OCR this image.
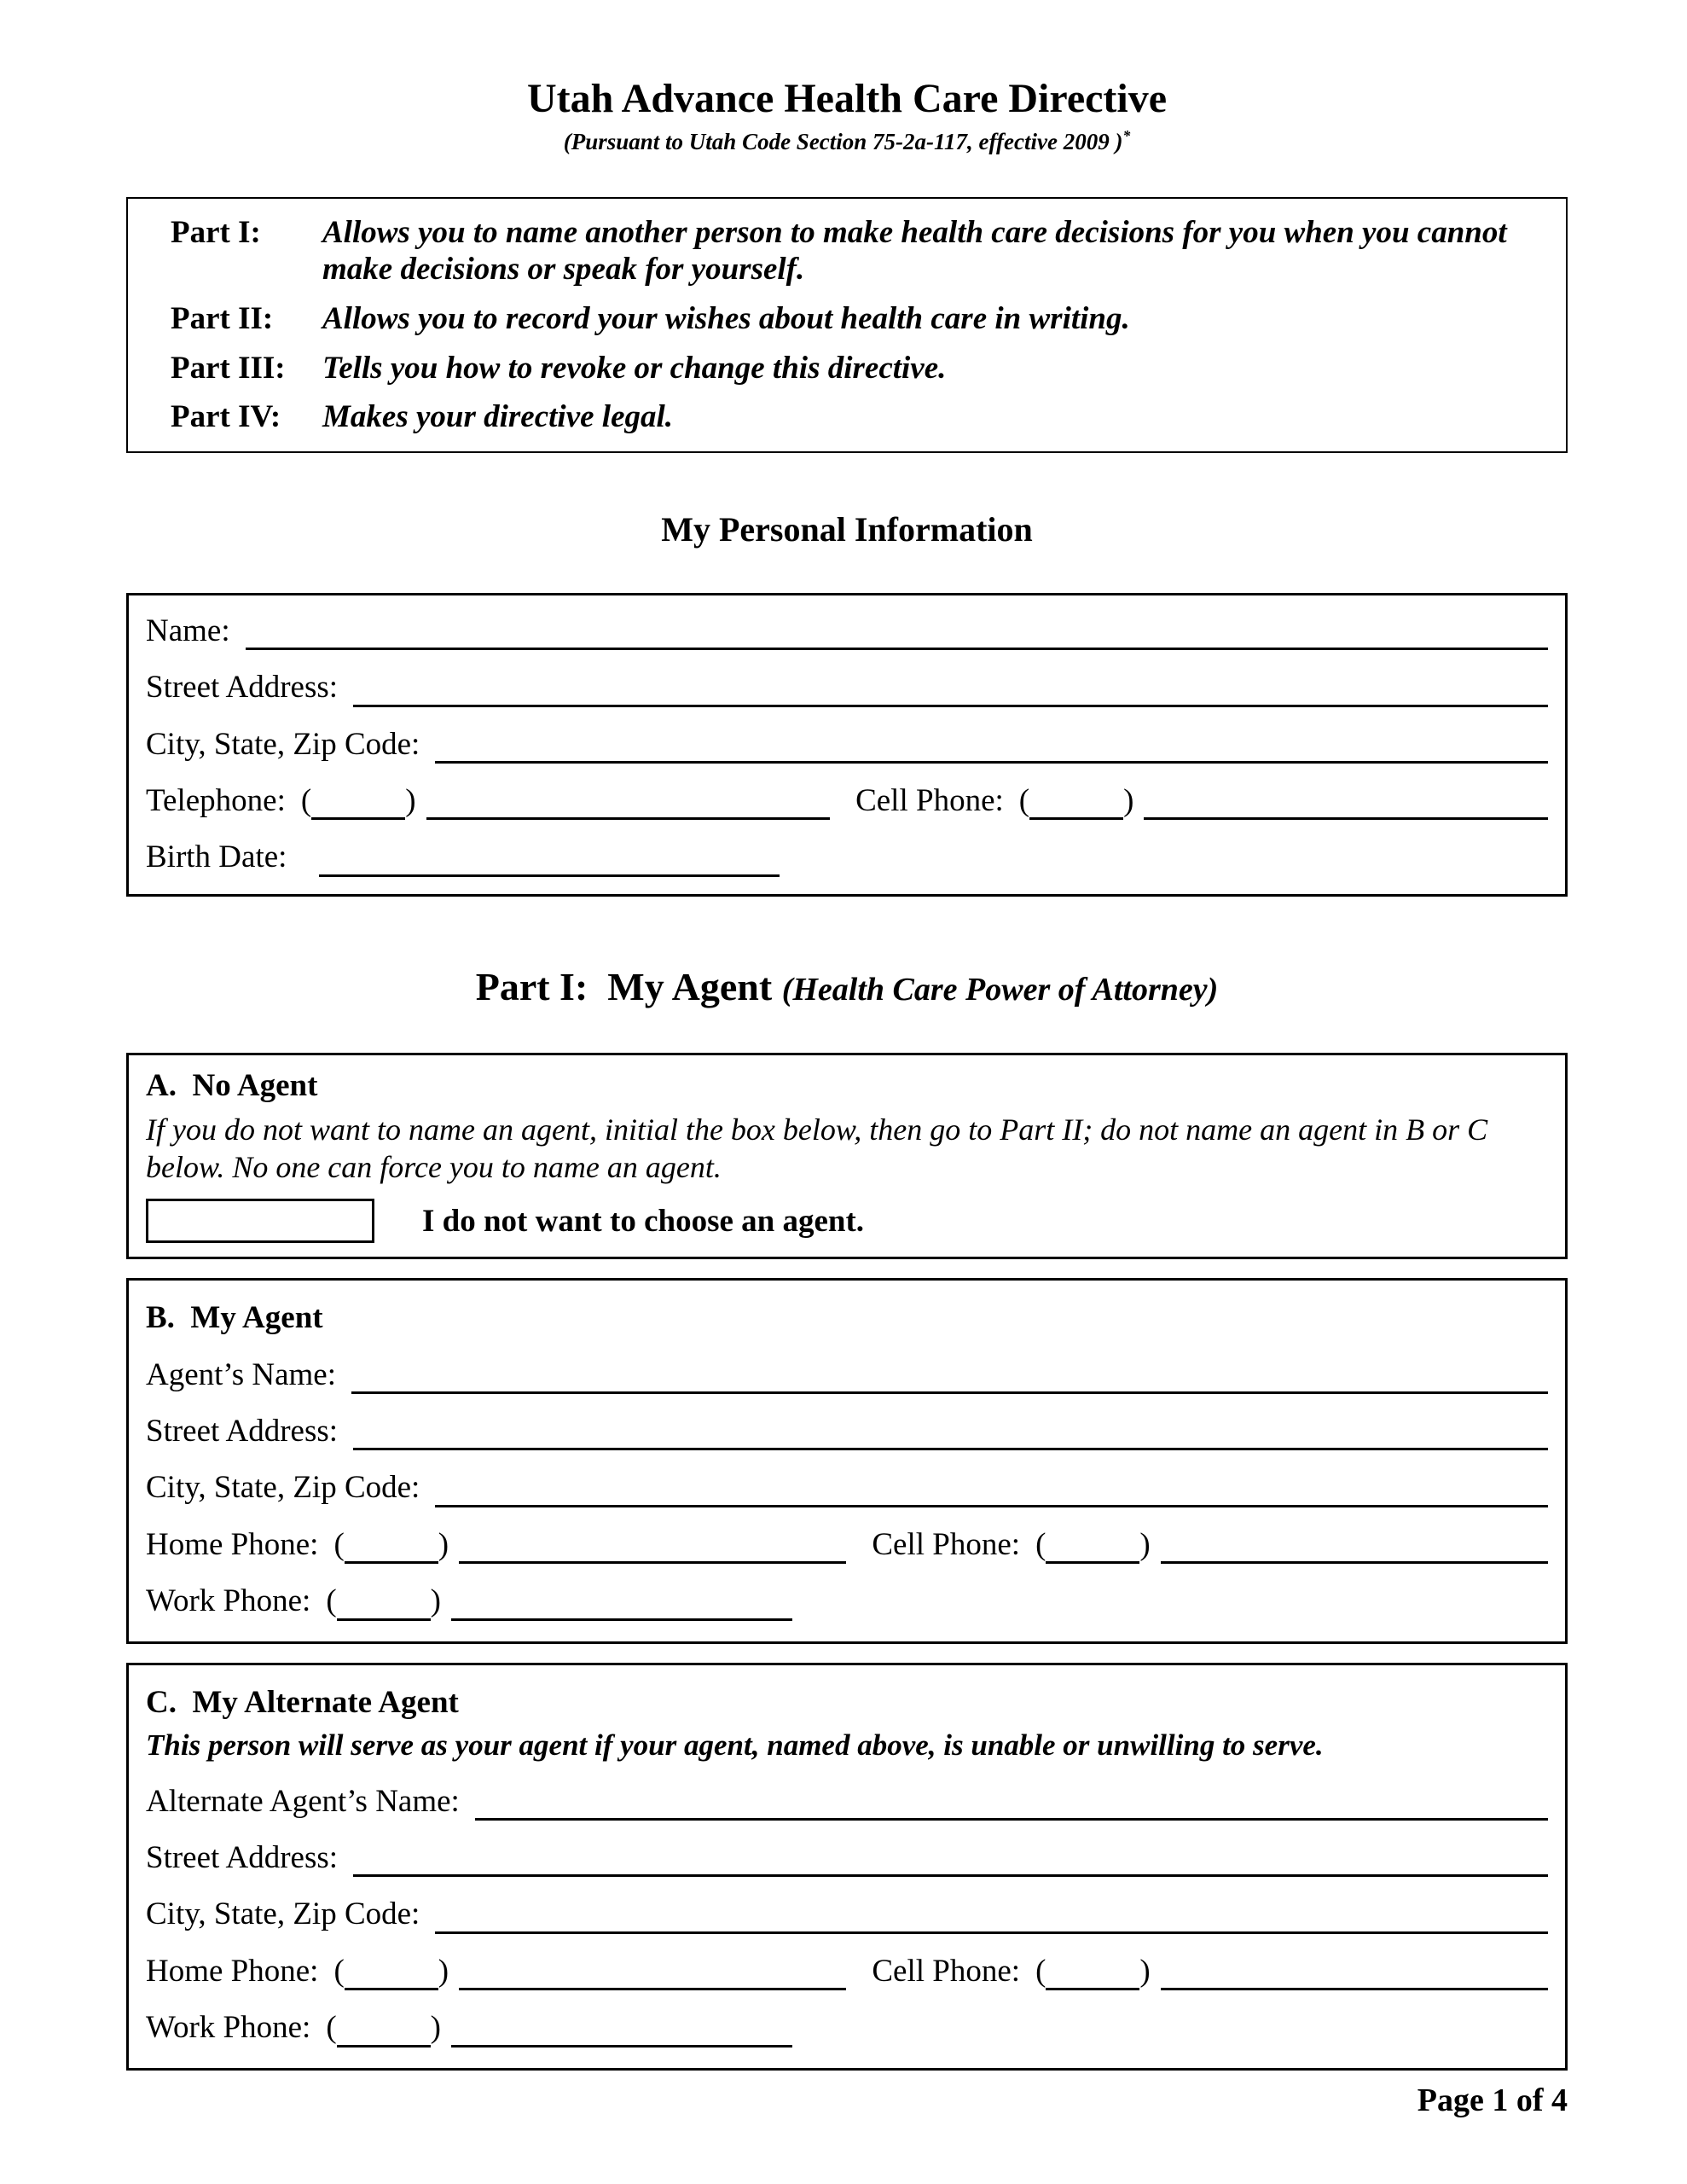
Utah Advance Health Care Directive
(Pursuant to Utah Code Section 75-2a-117, effective 2009 )*
Part I:	Allows you to name another person to make health care decisions for you when you cannot make decisions or speak for yourself.
Part II:	Allows you to record your wishes about health care in writing.
Part III:	Tells you how to revoke or change this directive.
Part IV:	Makes your directive legal.
My Personal Information
Name:
Street Address:
City, State, Zip Code:
Telephone: (	)	Cell Phone: (	)
Birth Date:
Part I:  My Agent (Health Care Power of Attorney)
A.  No Agent
If you do not want to name an agent, initial the box below, then go to Part II; do not name an agent in B or C below. No one can force you to name an agent.
I do not want to choose an agent.
B.  My Agent
Agent’s Name:
Street Address:
City, State, Zip Code:
Home Phone: (	)	Cell Phone: (	)
Work Phone: (	)
C.  My Alternate Agent
This person will serve as your agent if your agent, named above, is unable or unwilling to serve.
Alternate Agent’s Name:
Street Address:
City, State, Zip Code:
Home Phone: (	)	Cell Phone: (	)
Work Phone: (	)
Page 1 of 4
